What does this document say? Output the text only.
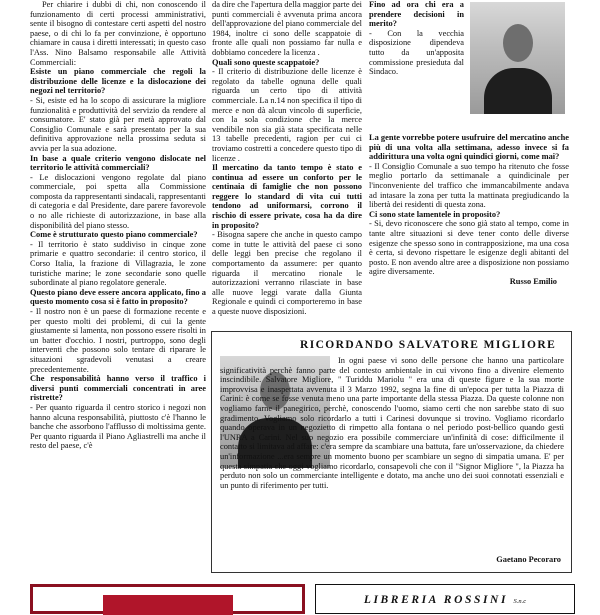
Per chiarire i dubbi di chi, non conoscendo il funzionamento di certi processi amministrativi, sente il bisogno di contestare certi aspetti del nostro paese, o di chi lo fa per convinzione, è opportuno chiamare in causa i diretti interessati; in questo caso l'Ass. Nino Balsamo responsabile alle Attività Commerciali:

Esiste un piano commerciale che regoli la distribuzione delle licenze e la dislocazione dei negozi nel territorio?

- Si, esiste ed ha lo scopo di assicurare la migliore funzionalità e produttività del servizio da rendere al consumatore. E' stato già per metà approvato dal Consiglio Comunale e sarà presentato per la sua definitiva approvazione nella prossima seduta si avvia per la sua adozione.

In base a quale criterio vengono dislocate nel territorio le attività commerciali?

- Le dislocazioni vengono regolate dal piano commerciale, poi spetta alla Commissione composta da rappresentanti sindacali, rappresentanti di categoria e dal Presidente, dare parere favorevole o no alle richieste di autorizzazione, in base alla disponibilità del piano stesso.

Come è strutturato questo piano commerciale?

- Il territorio è stato suddiviso in cinque zone primarie e quattro secondarie: il centro storico, il Corso Italia, la frazione di Villagrazia, le zone turistiche marine; le zone secondarie sono quelle subordinate al piano regolatore generale.

Questo piano deve essere ancora applicato, fino a questo momento cosa si è fatto in proposito?

- Il nostro non è un paese di formazione recente e per questo molti dei problemi, di cui la gente giustamente si lamenta, non possono essere risolti in un batter d'occhio. I nostri, purtroppo, sono degli interventi che possono solo tentare di riparare le situazioni sgradevoli venutasi a creare precedentemente.

Che responsabilità hanno verso il traffico i diversi punti commerciali concentrati in aree ristrette?

- Per quanto riguarda il centro storico i negozi non hanno alcuna responsabilità, piuttosto c'è l'hanno le banche che assorbono l'afflusso di moltissima gente. Per quanto riguarda il Piano Agliastrelli ma anche il resto del paese, c'è

da dire che l'apertura della maggior parte dei punti commerciali è avvenuta prima ancora dell'approvazione del piano commerciale del 1984, inoltre ci sono delle scappatoie di fronte alle quali non possiamo far nulla e dobbiamo concedere la licenza .

Quali sono queste scappatoie?

- Il criterio di distribuzione delle licenze è regolato da tabelle ognuna delle quali riguarda un certo tipo di attività commerciale. La n.14 non specifica il tipo di merce e non dà alcun vincolo di superficie, con la sola condizione che la merce vendibile non sia già stata specificata nelle 13 tabelle precedenti, ragion per cui ci troviamo costretti a concedere questo tipo di licenze .

Il mercatino da tanto tempo è stato e continua ad essere un conforto per le centinaia di famiglie che non possono reggere lo standard di vita cui tutti tendono ad uniformarsi, corrono il rischio di essere private, cosa ha da dire in proposito?

- Bisogna sapere che anche in questo campo come in tutte le attività del paese ci sono delle leggi ben precise che regolano il comportamento da assumere: per quanto riguarda il mercatino rionale le autorizzazioni verranno rilasciate in base alle nuove leggi varate dalla Giunta Regionale e quindi ci comporteremo in base a queste nuove disposizioni.

Fino ad ora chi era a prendere decisioni in merito?

- Con la vecchia disposizione dipendeva tutto da un'apposita commissione presieduta dal Sindaco.

La gente vorrebbe potere usufruire del mercatino anche più di una volta alla settimana, adesso invece si fa addirittura una volta ogni quindici giorni, come mai?

- Il Consiglio Comunale a suo tempo ha ritenuto che fosse meglio portarlo da settimanale a quindicinale per l'inconveniente del traffico che immancabilmente andava ad intasare la zona per tutta la mattinata pregiudicando la libertà dei residenti di questa zona.

Ci sono state lamentele in proposito?

- Si, devo riconoscere che sono già stato al tempo, come in tante altre situazioni si deve tener conto delle diverse esigenze che spesso sono in contrapposizione, ma una cosa è certa, si devono rispettare le esigenze degli abitanti del posto. E non avendo altre aree a disposizione non possiamo agire diversamente.

Russo Emilio

RICORDANDO SALVATORE MIGLIORE
In ogni paese vi sono delle persone che hanno una particolare significatività perchè fanno parte del contesto ambientale in cui vivono fino a divenire elemento inscindibile. Salvatore Migliore, " Turiddu Mariolu " era una di queste figure e la sua morte improvvisa e inaspettata avvenuta il 3 Marzo 1992, segna la fine di un'epoca per tutta la Piazza di Carini: è come se fosse venuta meno una parte importante della stessa Piazza. Da queste colonne non vogliamo farne il panegirico, perchè, conoscendo l'uomo, siamo certi che non sarebbe stato di suo gradimento. Vogliamo solo ricordarlo a tutti i Carinesi dovunque si trovino. Vogliamo ricordarlo quando operava in un negozietto di rimpetto alla fontana o nel periodo post-bellico quando gestì l'UNRA a Carini. Nel suo negozio era possibile commerciare un'infinità di cose: difficilmente il contatto si limitava ad affare: c'era sempre da scambiare una battuta, fare un'osservazione, da chiedere un'informazione ...era sempre un momento buono per scambiare un segno di simpatia umana. E' per questa simpatia che oggi vogliamo ricordarlo, consapevoli che con il "Signor Migliore ", la Piazza ha perduto non solo un commerciante intelligente e dotato, ma anche uno dei suoi connotati essenziali e un punto di riferimento per tutti.
Gaetano Pecoraro
$_{LIBRERIA ROSSINI S.n.c}$
